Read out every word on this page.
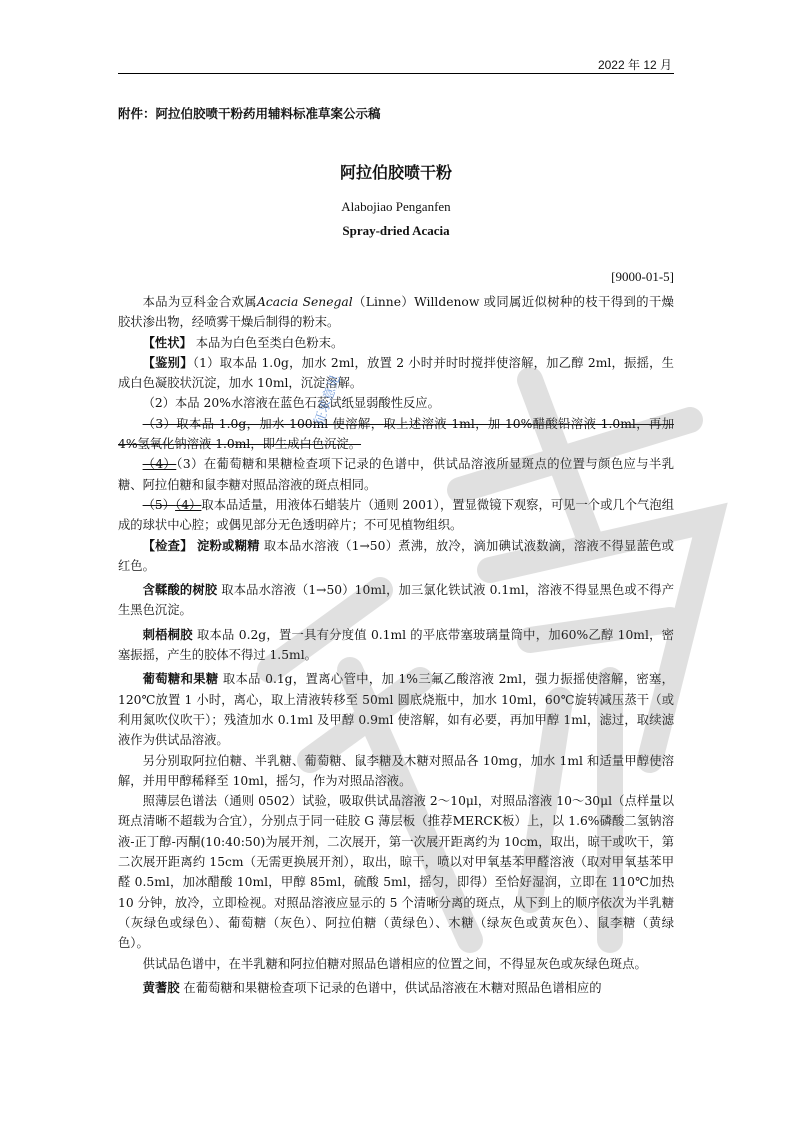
2022 年 12 月
附件：阿拉伯胶喷干粉药用辅料标准草案公示稿
阿拉伯胶喷干粉
Alabojiao Penganfen
Spray-dried Acacia
[9000-01-5]

本品为豆科金合欢属Acacia Senegal（Linne）Willdenow 或同属近似树种的枝干得到的干燥胶状渗出物，经喷雾干燥后制得的粉末。

【性状】 本品为白色至类白色粉末。

【鉴别】（1）取本品 1.0g，加水 2ml，放置 2 小时并时时搅拌使溶解，加乙醇 2ml，振摇，生成白色凝胶状沉淀，加水 10ml，沉淀溶解。

（2）本品 20%水溶液在蓝色石蕊试纸显弱酸性反应。

（3）取本品 1.0g，加水 100ml 使溶解，取上述溶液 1ml，加 10%醋酸铅溶液 1.0ml，再加 4%氢氧化钠溶液 1.0ml，即生成白色沉淀。

（4）（3）在葡萄糖和果糖检查项下记录的色谱中，供试品溶液所显斑点的位置与颜色应与半乳糖、阿拉伯糖和鼠李糖对照品溶液的斑点相同。

（5）（4）取本品适量，用液体石蜡装片（通则 2001），置显微镜下观察，可见一个或几个气泡组成的球状中心腔；或偶见部分无色透明碎片；不可见植物组织。

【检查】 淀粉或糊精 取本品水溶液（1→50）煮沸，放冷，滴加碘试液数滴，溶液不得显蓝色或红色。

含鞣酸的树胶 取本品水溶液（1→50）10ml，加三氯化铁试液 0.1ml，溶液不得显黑色或不得产生黑色沉淀。

刺梧桐胶 取本品 0.2g，置一具有分度值 0.1ml 的平底带塞玻璃量筒中，加60%乙醇 10ml，密塞振摇，产生的胶体不得过 1.5ml。

葡萄糖和果糖 取本品 0.1g，置离心管中，加 1%三氟乙酸溶液 2ml，强力振摇使溶解，密塞，120℃放置 1 小时，离心，取上清液转移至 50ml 圆底烧瓶中，加水 10ml，60℃旋转减压蒸干（或利用氮吹仪吹干）；残渣加水 0.1ml 及甲醇 0.9ml 使溶解，如有必要，再加甲醇 1ml，滤过，取续滤液作为供试品溶液。

另分别取阿拉伯糖、半乳糖、葡萄糖、鼠李糖及木糖对照品各 10mg，加水 1ml 和适量甲醇使溶解，并用甲醇稀释至 10ml，摇匀，作为对照品溶液。

照薄层色谱法（通则 0502）试验，吸取供试品溶液 2～10μl，对照品溶液 10～30μl（点样量以斑点清晰不超载为合宜），分别点于同一硅胶 G 薄层板（推荐MERCK板）上，以 1.6%磷酸二氢钠溶液-正丁醇-丙酮(10:40:50)为展开剂，二次展开，第一次展开距离约为 10cm，取出，晾干或吹干，第二次展开距离约 15cm（无需更换展开剂），取出，晾干，喷以对甲氧基苯甲醛溶液（取对甲氧基苯甲醛 0.5ml，加冰醋酸 10ml，甲醇 85ml，硫酸 5ml，摇匀，即得）至恰好湿润，立即在 110℃加热 10 分钟，放冷，立即检视。对照品溶液应显示的 5 个清晰分离的斑点，从下到上的顺序依次为半乳糖（灰绿色或绿色）、葡萄糖（灰色）、阿拉伯糖（黄绿色）、木糖（绿灰色或黄灰色）、鼠李糖（黄绿色）。

供试品色谱中，在半乳糖和阿拉伯糖对照品色谱相应的位置之间，不得显灰色或灰绿色斑点。

黄蓍胶 在葡萄糖和果糖检查项下记录的色谱中，供试品溶液在木糖对照品色谱相应的

征求意见
